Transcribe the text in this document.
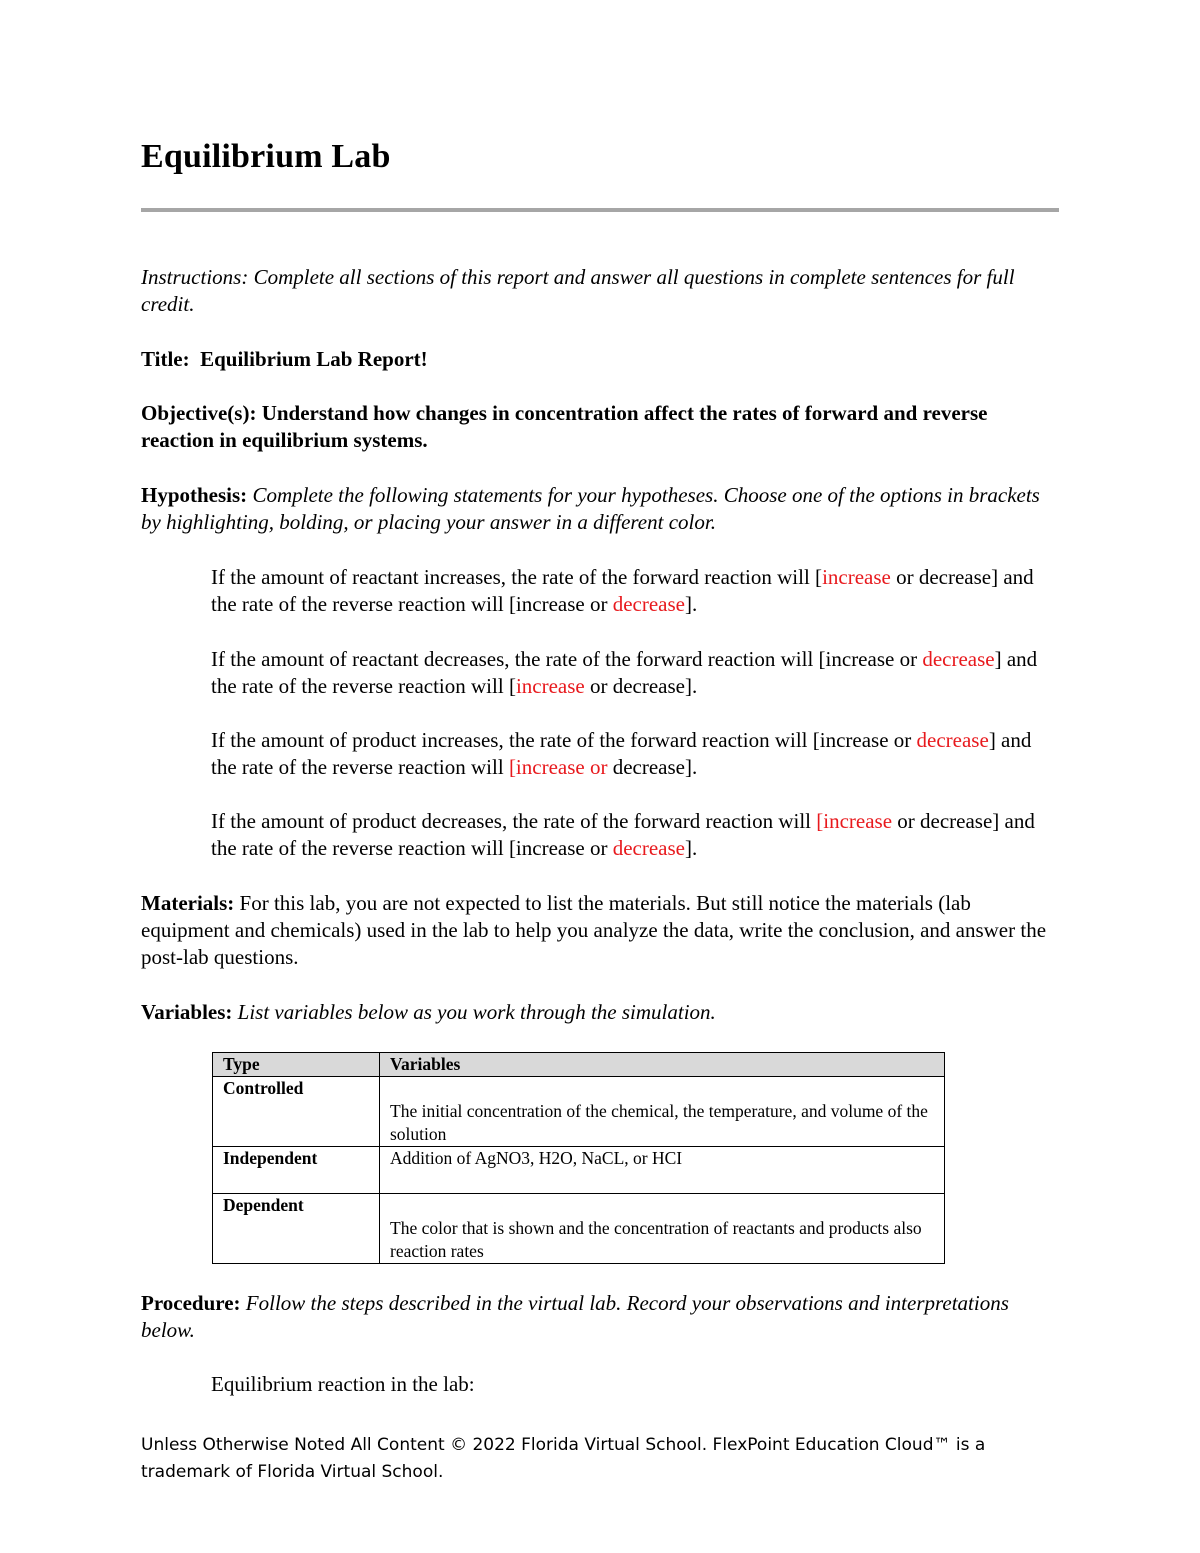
Equilibrium Lab

Instructions: Complete all sections of this report and answer all questions in complete sentences for full credit.

Title: Equilibrium Lab Report!

Objective(s): Understand how changes in concentration affect the rates of forward and reverse reaction in equilibrium systems.

Hypothesis: Complete the following statements for your hypotheses. Choose one of the options in brackets by highlighting, bolding, or placing your answer in a different color.

If the amount of reactant increases, the rate of the forward reaction will [increase or decrease] and the rate of the reverse reaction will [increase or decrease].

If the amount of reactant decreases, the rate of the forward reaction will [increase or decrease] and the rate of the reverse reaction will [increase or decrease].

If the amount of product increases, the rate of the forward reaction will [increase or decrease] and the rate of the reverse reaction will [increase or decrease].

If the amount of product decreases, the rate of the forward reaction will [increase or decrease] and the rate of the reverse reaction will [increase or decrease].

Materials: For this lab, you are not expected to list the materials. But still notice the materials (lab equipment and chemicals) used in the lab to help you analyze the data, write the conclusion, and answer the post-lab questions.

Variables: List variables below as you work through the simulation.

Procedure: Follow the steps described in the virtual lab. Record your observations and interpretations below.

Equilibrium reaction in the lab:

Type	Variables
Controlled	The initial concentration of the chemical, the temperature, and volume of the solution
Independent	Addition of AgNO3, H2O, NaCL, or HCI
Dependent	The color that is shown and the concentration of reactants and products also reaction rates
Unless Otherwise Noted All Content © 2022 Florida Virtual School. FlexPoint Education Cloud™ is a trademark of Florida Virtual School.
